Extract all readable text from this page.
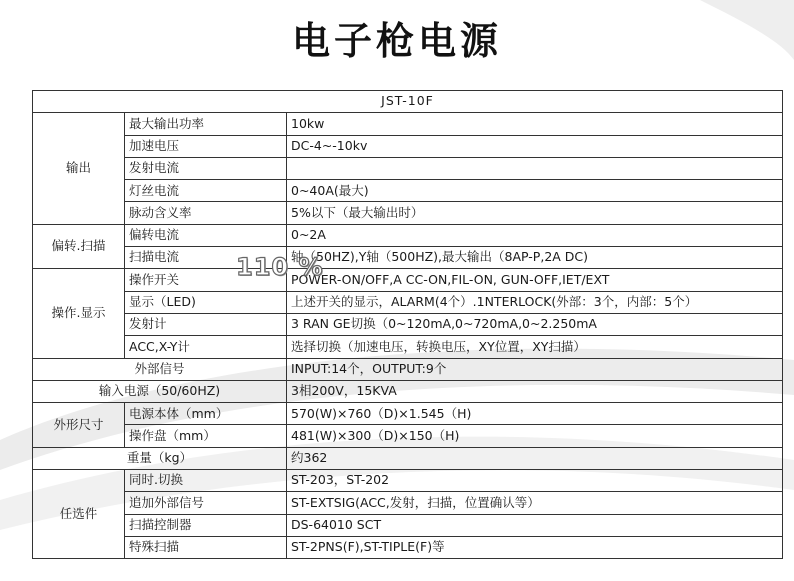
电子枪电源
JST-10F		
输出	最大输出功率	10kw
	加速电压	DC-4~-10kv
	发射电流	
	灯丝电流	0~40A(最大)
	脉动含义率	5%以下（最大输出时）
偏转.扫描	偏转电流	0~2A
	扫描电流	轴（50HZ),Y轴（500HZ),最大输出（8AP-P,2A DC)
操作.显示	操作开关	POWER-ON/OFF,A CC-ON,FIL-ON, GUN-OFF,IET/EXT
	显示（LED)	上述开关的显示，ALARM(4个）.1NTERLOCK(外部：3个，内部：5个）
	发射计	3 RAN GE切换（0~120mA,0~720mA,0~2.250mA
	ACC,X-Y计	选择切换（加速电压，转换电压，XY位置，XY扫描）
外部信号		INPUT:14个，OUTPUT:9个
输入电源（50/60HZ)		3相200V，15KVA
外形尺寸	电源本体（mm）	570(W)×760（D)×1.545（H)
	操作盘（mm）	481(W)×300（D)×150（H)
重量（kg）		约362
任选件	同时.切换	ST-203，ST-202
	追加外部信号	ST-EXTSIG(ACC,发射，扫描，位置确认等）
	扫描控制器	DS-64010 SCT
	特殊扫描	ST-2PNS(F),ST-TIPLE(F)等
110 %
